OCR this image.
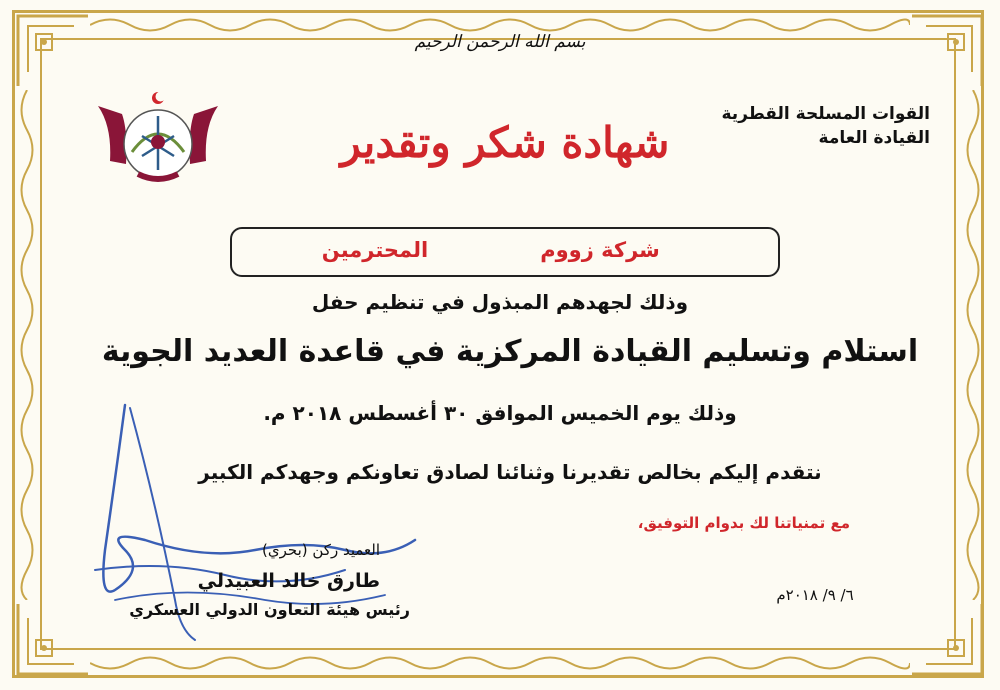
بسم الله الرحمن الرحيم
القوات المسلحة القطرية
القيادة العامة
شهادة شكر وتقدير
شركة زووم
المحترمين
وذلك لجهدهم المبذول في تنظيم حفل
استلام وتسليم القيادة المركزية في قاعدة العديد الجوية
وذلك يوم الخميس الموافق ٣٠ أغسطس ٢٠١٨ م.
نتقدم إليكم بخالص تقديرنا وثنائنا لصادق تعاونكم وجهدكم الكبير
مع تمنياتنا لك بدوام التوفيق،
العميد ركن (بحري)
طارق خالد العبيدلي
رئيس هيئة التعاون الدولي العسكري
٦/ ٩/ ٢٠١٨م
